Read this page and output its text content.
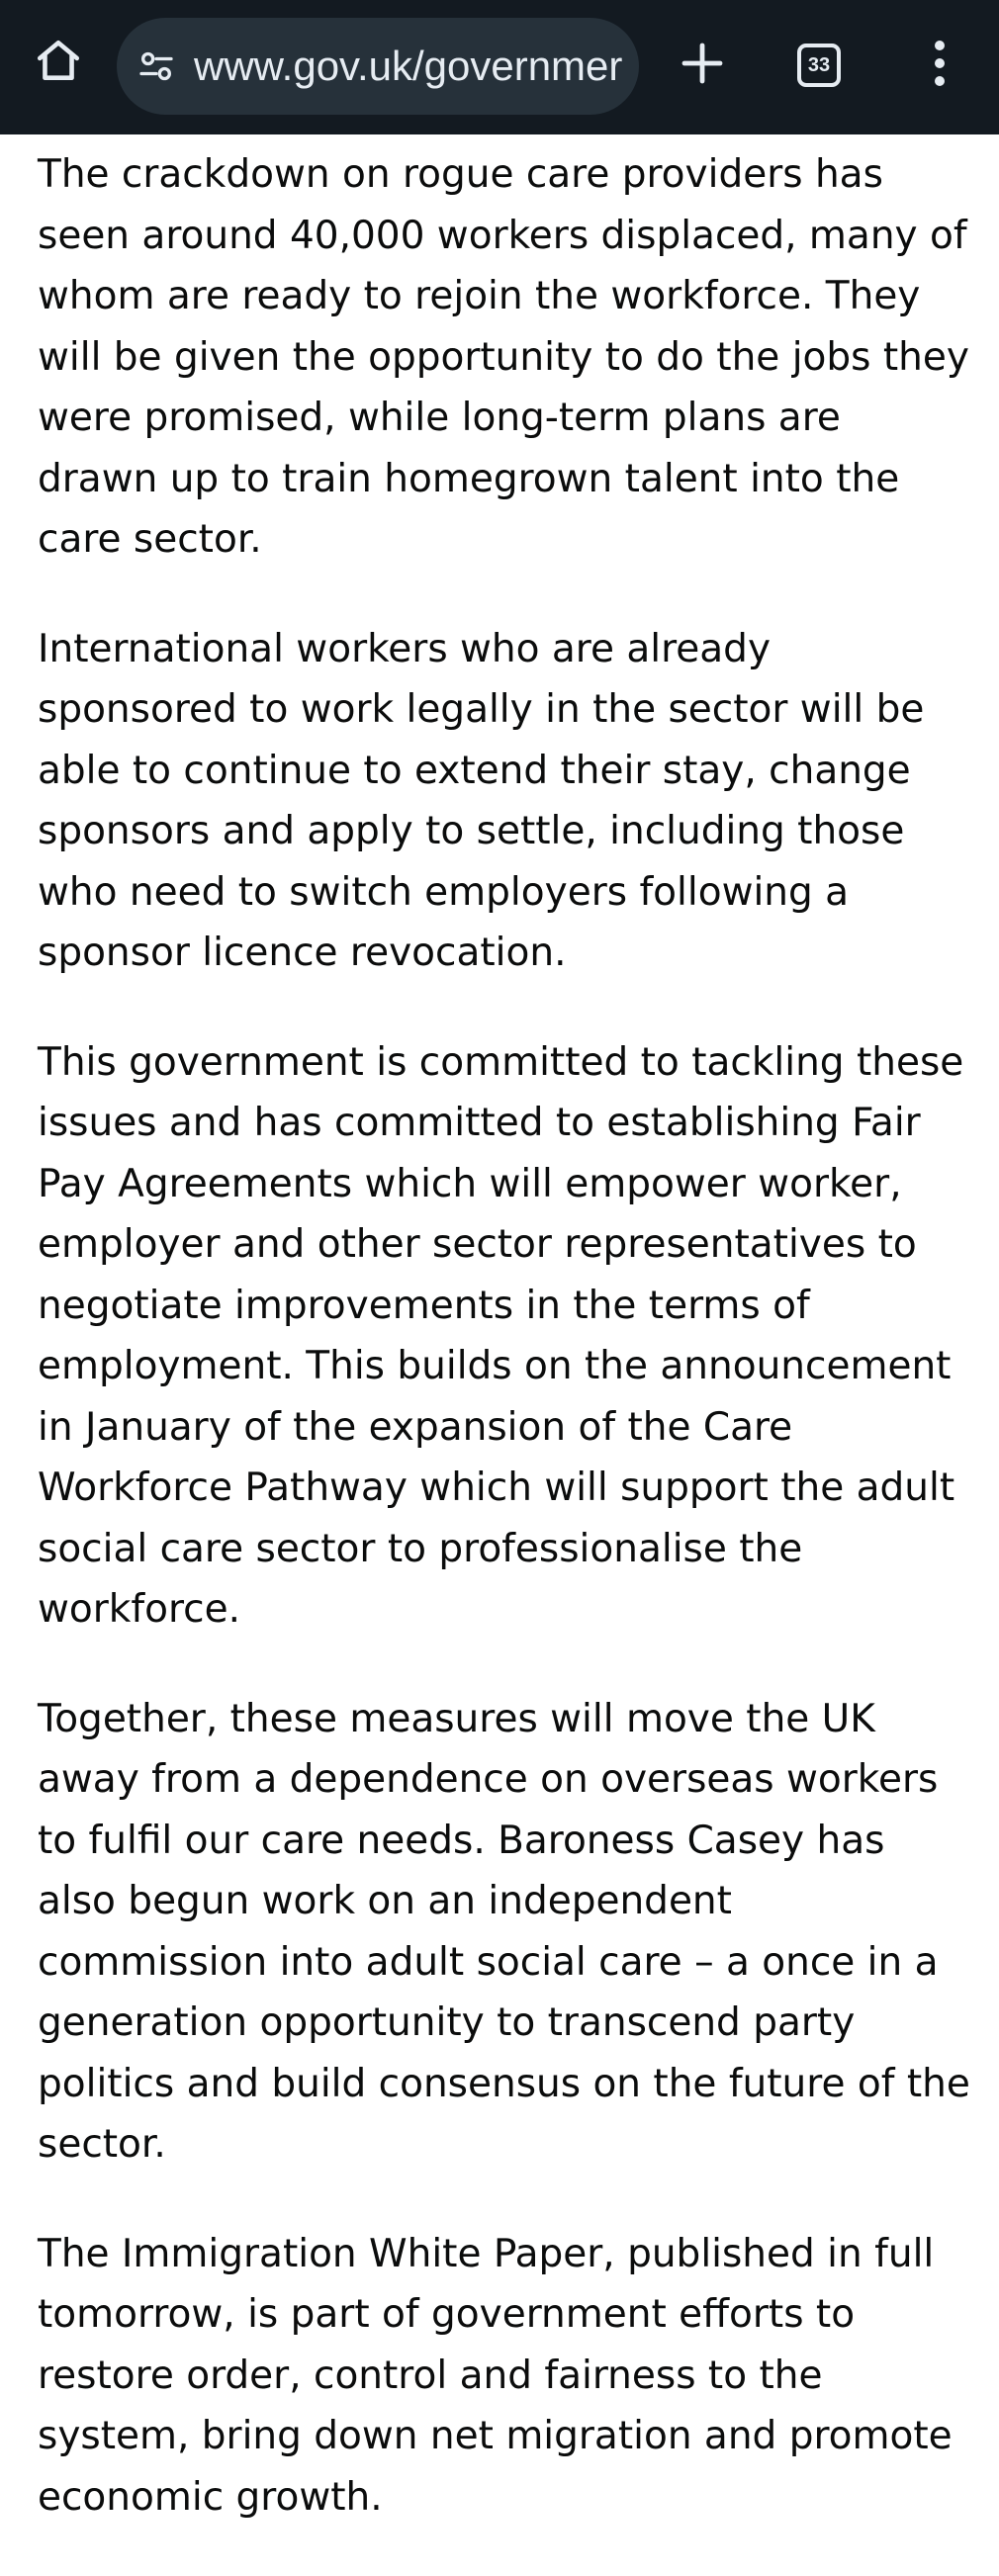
www.gov.uk/governmer	33

The crackdown on rogue care providers has seen around 40,000 workers displaced, many of whom are ready to rejoin the workforce. They will be given the opportunity to do the jobs they were promised, while long-term plans are drawn up to train homegrown talent into the care sector.

International workers who are already sponsored to work legally in the sector will be able to continue to extend their stay, change sponsors and apply to settle, including those who need to switch employers following a sponsor licence revocation.

This government is committed to tackling these issues and has committed to establishing Fair Pay Agreements which will empower worker, employer and other sector representatives to negotiate improvements in the terms of employment. This builds on the announcement in January of the expansion of the Care Workforce Pathway which will support the adult social care sector to professionalise the workforce.

Together, these measures will move the UK away from a dependence on overseas workers to fulfil our care needs. Baroness Casey has also begun work on an independent commission into adult social care – a once in a generation opportunity to transcend party politics and build consensus on the future of the sector.

The Immigration White Paper, published in full tomorrow, is part of government efforts to restore order, control and fairness to the system, bring down net migration and promote economic growth.
